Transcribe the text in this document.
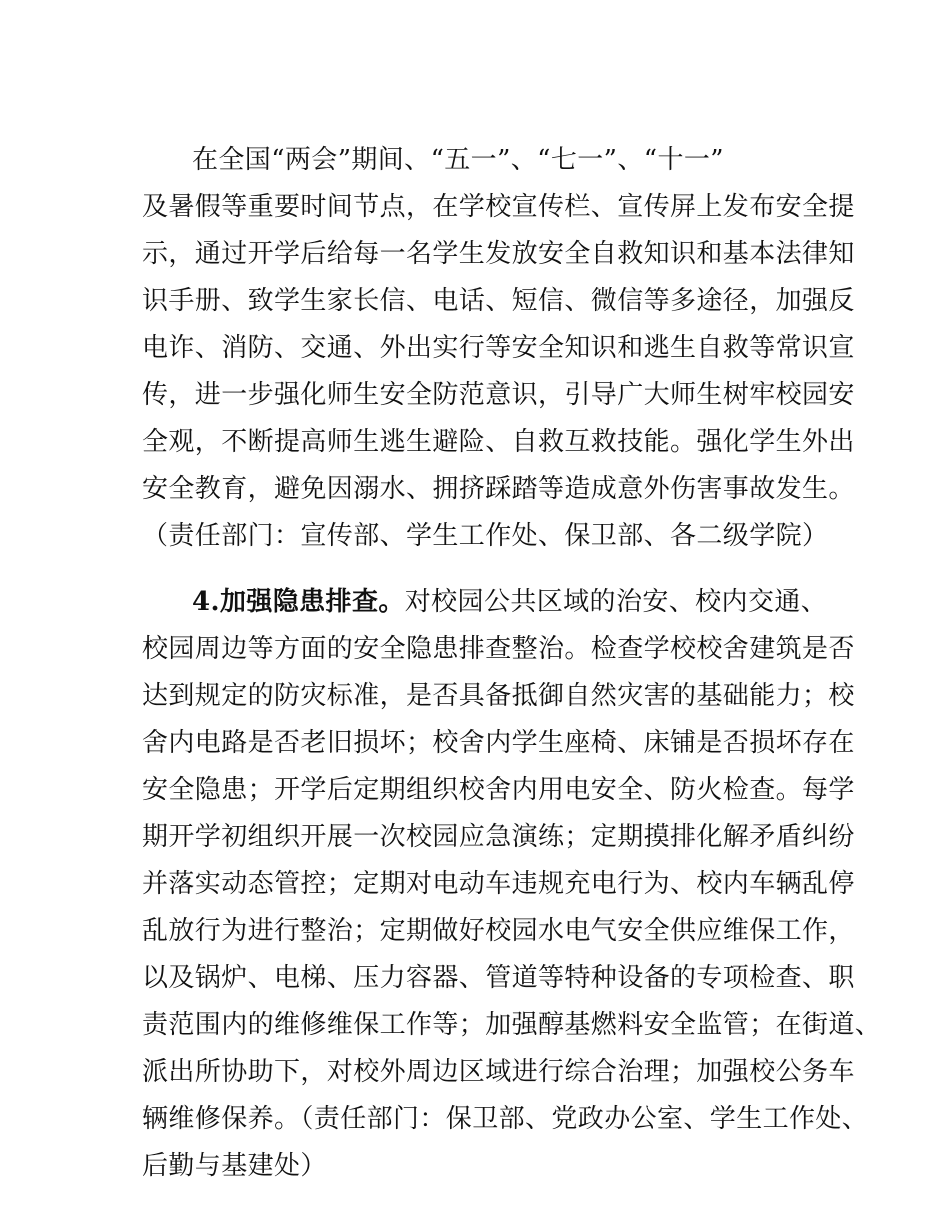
在全国“两会”期间、“五一”、“七一”、“十一”
及暑假等重要时间节点，在学校宣传栏、宣传屏上发布安全提
示，通过开学后给每一名学生发放安全自救知识和基本法律知
识手册、致学生家长信、电话、短信、微信等多途径，加强反
电诈、消防、交通、外出实行等安全知识和逃生自救等常识宣
传，进一步强化师生安全防范意识，引导广大师生树牢校园安
全观，不断提高师生逃生避险、自救互救技能。强化学生外出
安全教育，避免因溺水、拥挤踩踏等造成意外伤害事故发生。
（责任部门：宣传部、学生工作处、保卫部、各二级学院）
4.加强隐患排查。对校园公共区域的治安、校内交通、
校园周边等方面的安全隐患排查整治。检查学校校舍建筑是否
达到规定的防灾标准，是否具备抵御自然灾害的基础能力；校
舍内电路是否老旧损坏；校舍内学生座椅、床铺是否损坏存在
安全隐患；开学后定期组织校舍内用电安全、防火检查。每学
期开学初组织开展一次校园应急演练；定期摸排化解矛盾纠纷
并落实动态管控；定期对电动车违规充电行为、校内车辆乱停
乱放行为进行整治；定期做好校园水电气安全供应维保工作，
以及锅炉、电梯、压力容器、管道等特种设备的专项检查、职
责范围内的维修维保工作等；加强醇基燃料安全监管；在街道、
派出所协助下，对校外周边区域进行综合治理；加强校公务车
辆维修保养。（责任部门：保卫部、党政办公室、学生工作处、
后勤与基建处）
